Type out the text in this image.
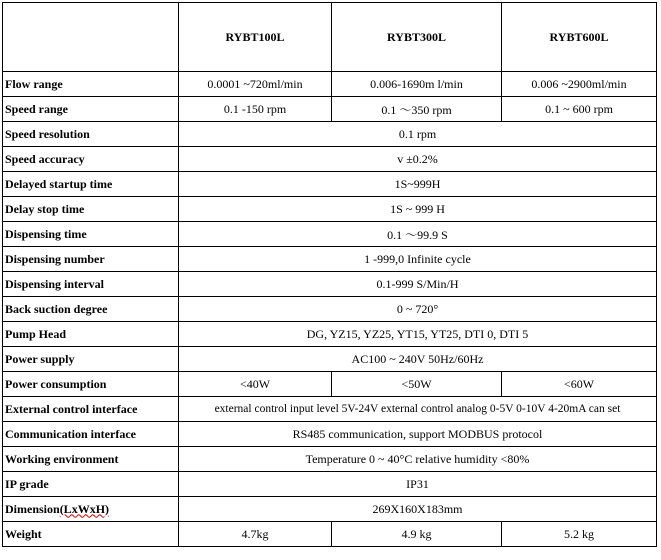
	RYBT100L	RYBT300L	RYBT600L
Flow range	0.0001 ~720ml/min	0.006-1690m l/min	0.006 ~2900ml/min
Speed range	0.1 -150 rpm	0.1 ～350 rpm	0.1 ~ 600 rpm
Speed resolution	0.1 rpm		
Speed accuracy	v ±0.2%		
Delayed startup time	1S~999H		
Delay stop time	1S ~ 999 H		
Dispensing time	0.1 ～99.9 S		
Dispensing number	1 -999,0 Infinite cycle		
Dispensing interval	0.1-999 S/Min/H		
Back suction degree	0 ~ 720°		
Pump Head	DG, YZ15, YZ25, YT15, YT25, DTI 0, DTI 5		
Power supply	AC100 ~ 240V 50Hz/60Hz		
Power consumption	<40W	<50W	<60W
External control interface	external control input level 5V-24V external control analog 0-5V 0-10V 4-20mA can set		
Communication interface	RS485 communication, support MODBUS protocol		
Working environment	Temperature 0 ~ 40°C relative humidity <80%		
IP grade	IP31		
Dimension(LxWxH)	269X160X183mm		
Weight	4.7kg	4.9 kg	5.2 kg
